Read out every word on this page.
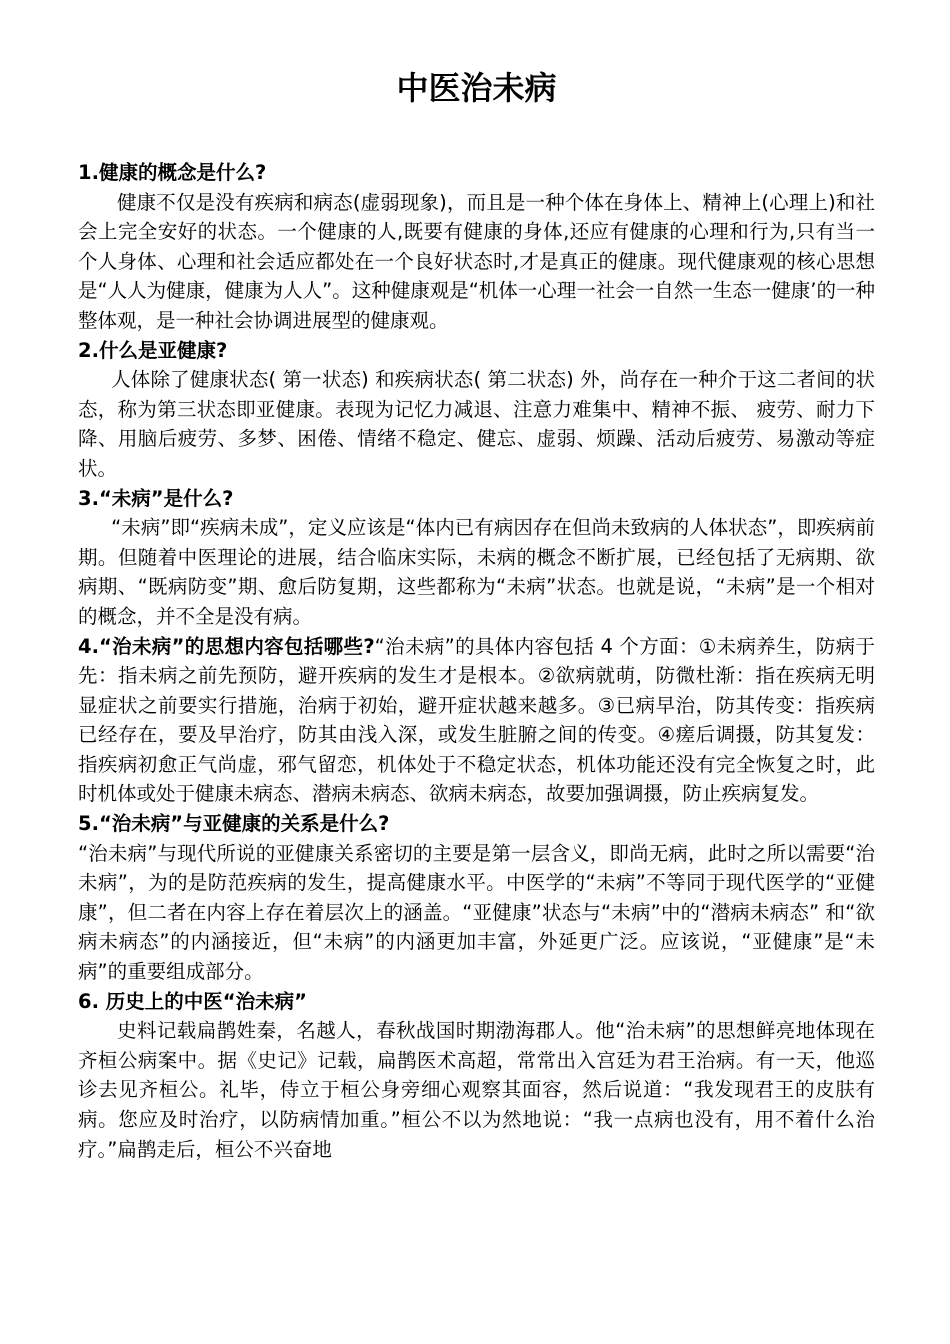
中医治未病

1.健康的概念是什么?

健康不仅是没有疾病和病态(虚弱现象)，而且是一种个体在身体上、精神上(心理上)和社会上完全安好的状态。一个健康的人,既要有健康的身体,还应有健康的心理和行为,只有当一个人身体、心理和社会适应都处在一个良好状态时,才是真正的健康。现代健康观的核心思想是“人人为健康，健康为人人”。这种健康观是“机体一心理一社会一自然一生态一健康’的一种整体观，是一种社会协调进展型的健康观。

2.什么是亚健康?

人体除了健康状态( 第一状态) 和疾病状态( 第二状态) 外，尚存在一种介于这二者间的状态，称为第三状态即亚健康。表现为记忆力减退、注意力难集中、精神不振、 疲劳、耐力下降、用脑后疲劳、多梦、困倦、情绪不稳定、健忘、虚弱、烦躁、活动后疲劳、易激动等症状。

3.“未病”是什么?

“未病”即“疾病未成”，定义应该是“体内已有病因存在但尚未致病的人体状态”，即疾病前期。但随着中医理论的进展，结合临床实际，未病的概念不断扩展，已经包括了无病期、欲病期、“既病防变”期、愈后防复期，这些都称为“未病”状态。也就是说，“未病”是一个相对的概念，并不全是没有病。

4.“治未病”的思想内容包括哪些?“治未病”的具体内容包括 4 个方面：①未病养生，防病于先：指未病之前先预防，避开疾病的发生才是根本。②欲病就萌，防微杜渐：指在疾病无明显症状之前要实行措施，治病于初始，避开症状越来越多。③已病早治，防其传变：指疾病已经存在，要及早治疗，防其由浅入深，或发生脏腑之间的传变。④瘥后调摄，防其复发：指疾病初愈正气尚虚，邪气留恋，机体处于不稳定状态，机体功能还没有完全恢复之时，此时机体或处于健康未病态、潜病未病态、欲病未病态，故要加强调摄，防止疾病复发。

5.“治未病”与亚健康的关系是什么?

“治未病”与现代所说的亚健康关系密切的主要是第一层含义，即尚无病，此时之所以需要“治未病”，为的是防范疾病的发生，提高健康水平。中医学的“未病”不等同于现代医学的“亚健康”，但二者在内容上存在着层次上的涵盖。“亚健康”状态与“未病”中的“潜病未病态” 和“欲病未病态”的内涵接近，但“未病”的内涵更加丰富，外延更广泛。应该说，“亚健康”是“未病”的重要组成部分。

6. 历史上的中医“治未病”

史料记载扁鹊姓秦，名越人，春秋战国时期渤海郡人。他“治未病”的思想鲜亮地体现在齐桓公病案中。据《史记》记载，扁鹊医术高超，常常出入宫廷为君王治病。有一天，他巡诊去见齐桓公。礼毕，侍立于桓公身旁细心观察其面容，然后说道：“我发现君王的皮肤有病。您应及时治疗，以防病情加重。”桓公不以为然地说：“我一点病也没有，用不着什么治疗。”扁鹊走后，桓公不兴奋地
